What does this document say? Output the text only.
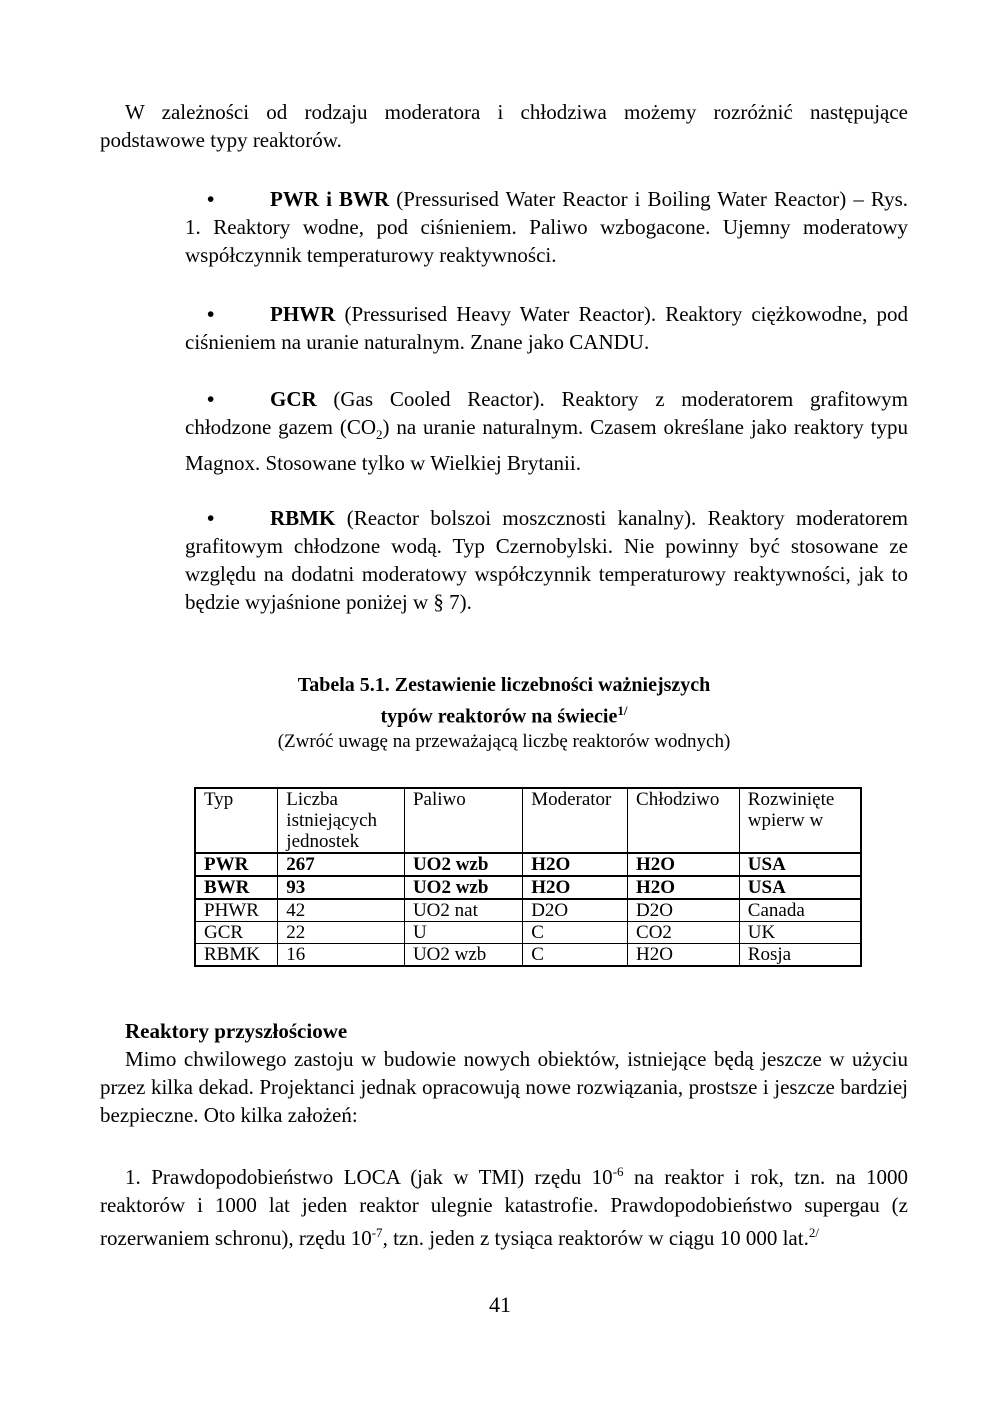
W zależności od rodzaju moderatora i chłodziwa możemy rozróżnić następujące podstawowe typy reaktorów.

•	PWR i BWR (Pressurised Water Reactor i Boiling Water Reactor) – Rys. 1. Reaktory wodne, pod ciśnieniem. Paliwo wzbogacone. Ujemny moderatowy współczynnik temperaturowy reaktywności.

•	PHWR (Pressurised Heavy Water Reactor). Reaktory ciężkowodne, pod ciśnieniem na uranie naturalnym. Znane jako CANDU.

•	GCR (Gas Cooled Reactor). Reaktory z moderatorem grafitowym chłodzone gazem $(CO_2)$ na uranie naturalnym. Czasem określane jako reaktory typu Magnox. Stosowane tylko w Wielkiej Brytanii.

•	RBMK (Reactor bolszoi moszcznosti kanalny). Reaktory moderatorem grafitowym chłodzone wodą. Typ Czernobylski. Nie powinny być stosowane ze względu na dodatni moderatowy współczynnik temperaturowy reaktywności, jak to będzie wyjaśnione poniżej w § 7).

Tabela 5.1. Zestawienie liczebności ważniejszych
typów reaktorów na świecie$^{1/}$
(Zwróć uwagę na przeważającą liczbę reaktorów wodnych)
Typ	Liczba istniejących jednostek	Paliwo	Moderator	Chłodziwo	Rozwinięte wpierw w
PWR	267	UO2 wzb	H2O	H2O	USA
BWR	93	UO2 wzb	H2O	H2O	USA
PHWR	42	UO2 nat	D2O	D2O	Canada
GCR	22	U	C	CO2	UK
RBMK	16	UO2 wzb	C	H2O	Rosja
Reaktory przyszłościowe

Mimo chwilowego zastoju w budowie nowych obiektów, istniejące będą jeszcze w użyciu przez kilka dekad. Projektanci jednak opracowują nowe rozwiązania, prostsze i jeszcze bardziej bezpieczne. Oto kilka założeń:

1. Prawdopodobieństwo LOCA (jak w TMI) rzędu $10^{-6}$ na reaktor i rok, tzn. na 1000 reaktorów i 1000 lat jeden reaktor ulegnie katastrofie. Prawdopodobieństwo supergau (z rozerwaniem schronu), rzędu $10^{-7}$, tzn. jeden z tysiąca reaktorów w ciągu 10 000 lat.$^{2/}$

41
